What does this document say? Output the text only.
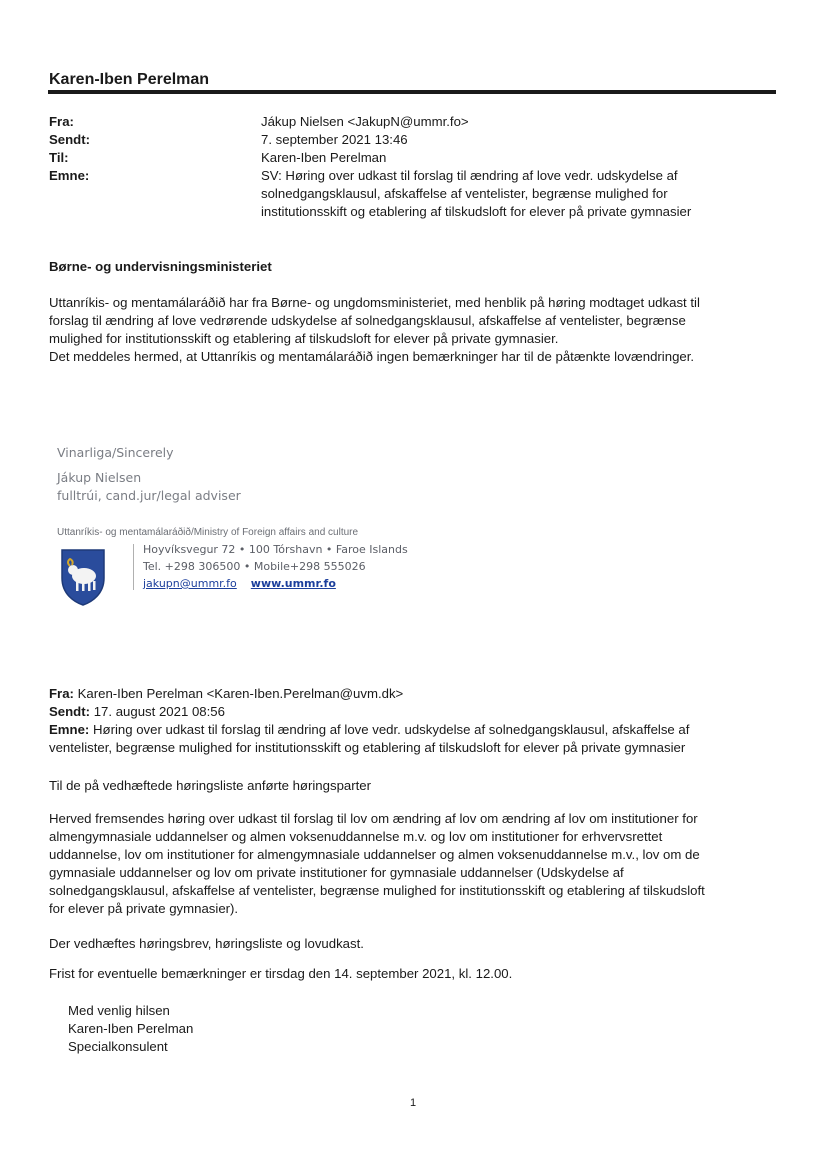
Karen-Iben Perelman
Fra:	Jákup Nielsen <JakupN@ummr.fo>
Sendt:	7. september 2021 13:46
Til:	Karen-Iben Perelman
Emne:	SV: Høring over udkast til forslag til ændring af love vedr. udskydelse af
solnedgangsklausul, afskaffelse af ventelister, begrænse mulighed for
institutionsskift og etablering af tilskudsloft for elever på private gymnasier
Børne- og undervisningsministeriet
Uttanríkis- og mentamálaráðið har fra Børne- og ungdomsministeriet, med henblik på høring modtaget udkast til
forslag til ændring af love vedrørende udskydelse af solnedgangsklausul, afskaffelse af ventelister, begrænse
mulighed for institutionsskift og etablering af tilskudsloft for elever på private gymnasier.
Det meddeles hermed, at Uttanríkis og mentamálaráðið ingen bemærkninger har til de påtænkte lovændringer.
Vinarliga/Sincerely
Jákup Nielsen
fulltrúi, cand.jur/legal adviser
Uttanríkis- og mentamálaráðið/Ministry of Foreign affairs and culture
Hoyvíksvegur 72 • 100 Tórshavn • Faroe Islands
Tel. +298 306500 • Mobile+298 555026
jakupn@ummr.fo www.ummr.fo
Fra: Karen-Iben Perelman <Karen-Iben.Perelman@uvm.dk>
Sendt: 17. august 2021 08:56
Emne: Høring over udkast til forslag til ændring af love vedr. udskydelse af solnedgangsklausul, afskaffelse af
ventelister, begrænse mulighed for institutionsskift og etablering af tilskudsloft for elever på private gymnasier
Til de på vedhæftede høringsliste anførte høringsparter
Herved fremsendes høring over udkast til forslag til lov om ændring af lov om ændring af lov om institutioner for
almengymnasiale uddannelser og almen voksenuddannelse m.v. og lov om institutioner for erhvervsrettet
uddannelse, lov om institutioner for almengymnasiale uddannelser og almen voksenuddannelse m.v., lov om de
gymnasiale uddannelser og lov om private institutioner for gymnasiale uddannelser (Udskydelse af
solnedgangsklausul, afskaffelse af ventelister, begrænse mulighed for institutionsskift og etablering af tilskudsloft
for elever på private gymnasier).
Der vedhæftes høringsbrev, høringsliste og lovudkast.
Frist for eventuelle bemærkninger er tirsdag den 14. september 2021, kl. 12.00.
Med venlig hilsen
Karen-Iben Perelman
Specialkonsulent
1
